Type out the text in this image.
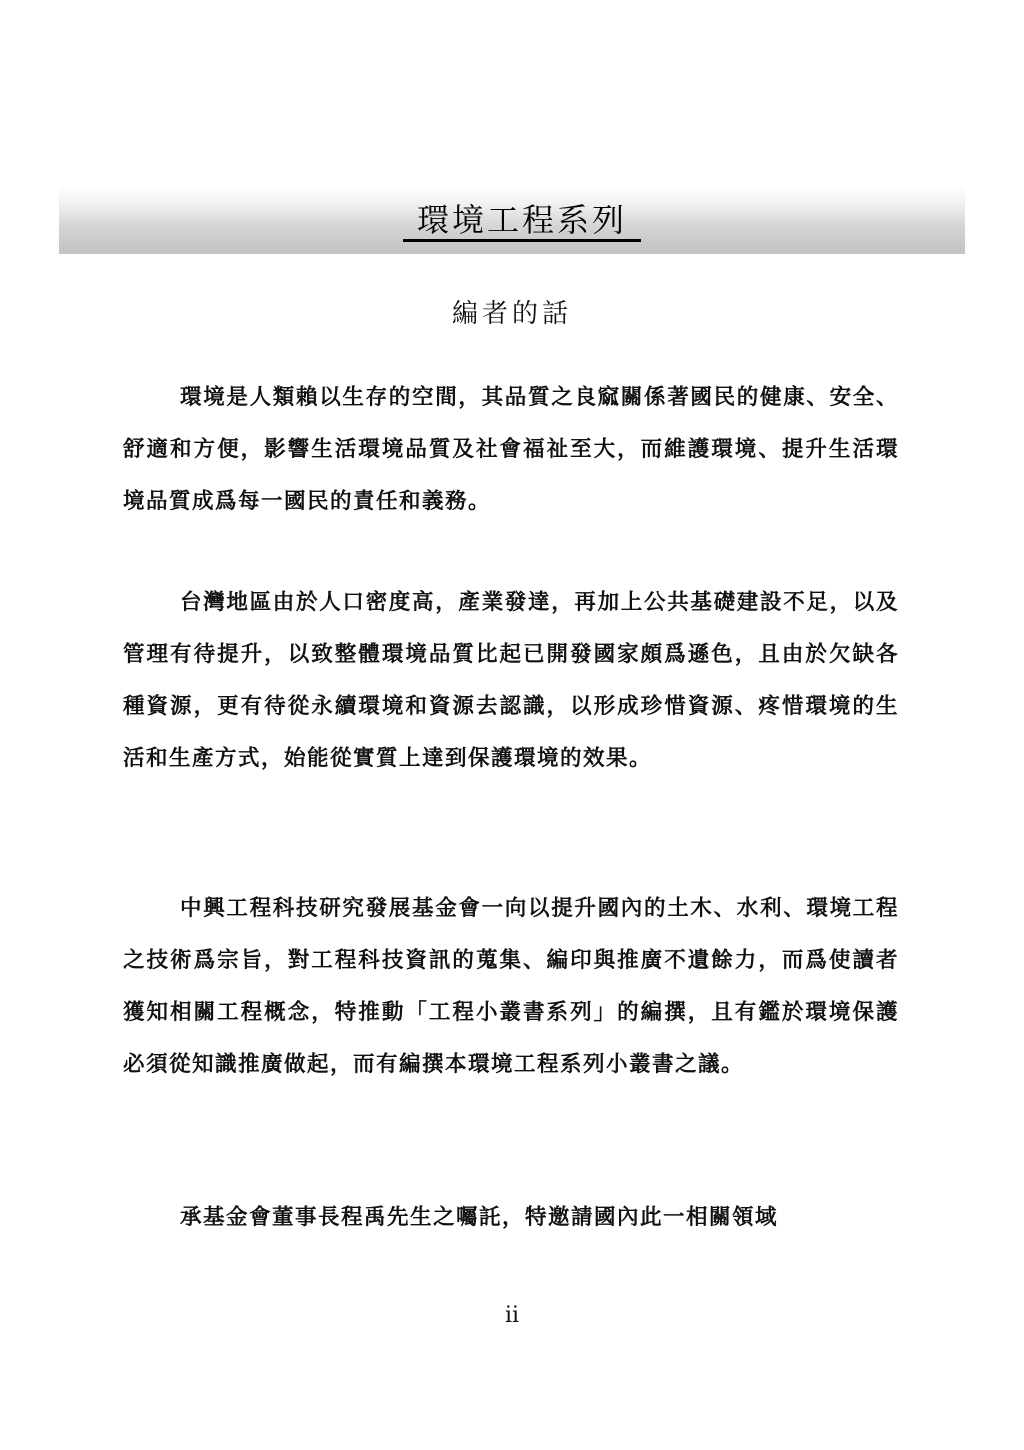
環境工程系列
編者的話

環境是人類賴以生存的空間，其品質之良窳關係著國民的健康、安全、舒適和方便，影響生活環境品質及社會福祉至大，而維護環境、提升生活環境品質成爲每一國民的責任和義務。

台灣地區由於人口密度高，產業發達，再加上公共基礎建設不足，以及管理有待提升，以致整體環境品質比起已開發國家頗爲遜色，且由於欠缺各種資源，更有待從永續環境和資源去認識，以形成珍惜資源、疼惜環境的生活和生產方式，始能從實質上達到保護環境的效果。

中興工程科技研究發展基金會一向以提升國內的土木、水利、環境工程之技術爲宗旨，對工程科技資訊的蒐集、編印與推廣不遺餘力，而爲使讀者獲知相關工程概念，特推動「工程小叢書系列」的編撰，且有鑑於環境保護必須從知識推廣做起，而有編撰本環境工程系列小叢書之議。

承基金會董事長程禹先生之囑託，特邀請國內此一相關領域

ii
